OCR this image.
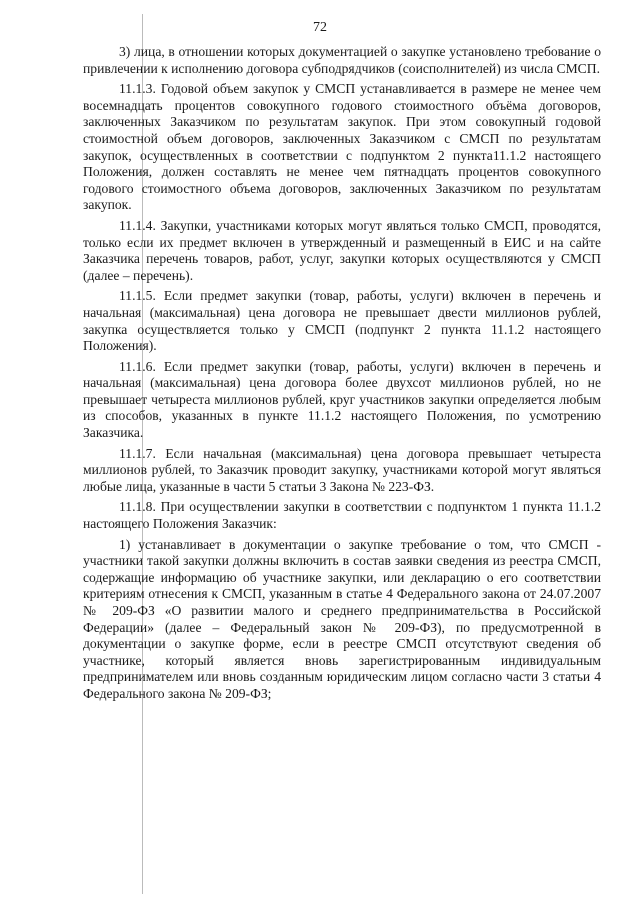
72

3) лица, в отношении которых документацией о закупке установлено требование о привлечении к исполнению договора субподрядчиков (соисполнителей) из числа СМСП.

11.1.3. Годовой объем закупок у СМСП устанавливается в размере не менее чем восемнадцать процентов совокупного годового стоимостного объёма договоров, заключенных Заказчиком по результатам закупок. При этом совокупный годовой стоимостной объем договоров, заключенных Заказчиком с СМСП по результатам закупок, осуществленных в соответствии с подпунктом 2 пункта11.1.2 настоящего Положения, должен составлять не менее чем пятнадцать процентов совокупного годового стоимостного объема договоров, заключенных Заказчиком по результатам закупок.

11.1.4. Закупки, участниками которых могут являться только СМСП, проводятся, только если их предмет включен в утвержденный и размещенный в ЕИС и на сайте Заказчика перечень товаров, работ, услуг, закупки которых осуществляются у СМСП (далее – перечень).

11.1.5. Если предмет закупки (товар, работы, услуги) включен в перечень и начальная (максимальная) цена договора не превышает двести миллионов рублей, закупка осуществляется только у СМСП (подпункт 2 пункта 11.1.2 настоящего Положения).

11.1.6. Если предмет закупки (товар, работы, услуги) включен в перечень и начальная (максимальная) цена договора более двухсот миллионов рублей, но не превышает четыреста миллионов рублей, круг участников закупки определяется любым из способов, указанных в пункте 11.1.2 настоящего Положения, по усмотрению Заказчика.

11.1.7. Если начальная (максимальная) цена договора превышает четыреста миллионов рублей, то Заказчик проводит закупку, участниками которой могут являться любые лица, указанные в части 5 статьи 3 Закона № 223-ФЗ.

11.1.8. При осуществлении закупки в соответствии с подпунктом 1 пункта 11.1.2 настоящего Положения Заказчик:

1) устанавливает в документации о закупке требование о том, что СМСП - участники такой закупки должны включить в состав заявки сведения из реестра СМСП, содержащие информацию об участнике закупки, или декларацию о его соответствии критериям отнесения к СМСП, указанным в статье 4 Федерального закона от 24.07.2007 № 209-ФЗ «О развитии малого и среднего предпринимательства в Российской Федерации» (далее – Федеральный закон № 209-ФЗ), по предусмотренной в документации о закупке форме, если в реестре СМСП отсутствуют сведения об участнике, который является вновь зарегистрированным индивидуальным предпринимателем или вновь созданным юридическим лицом согласно части 3 статьи 4 Федерального закона № 209-ФЗ;
